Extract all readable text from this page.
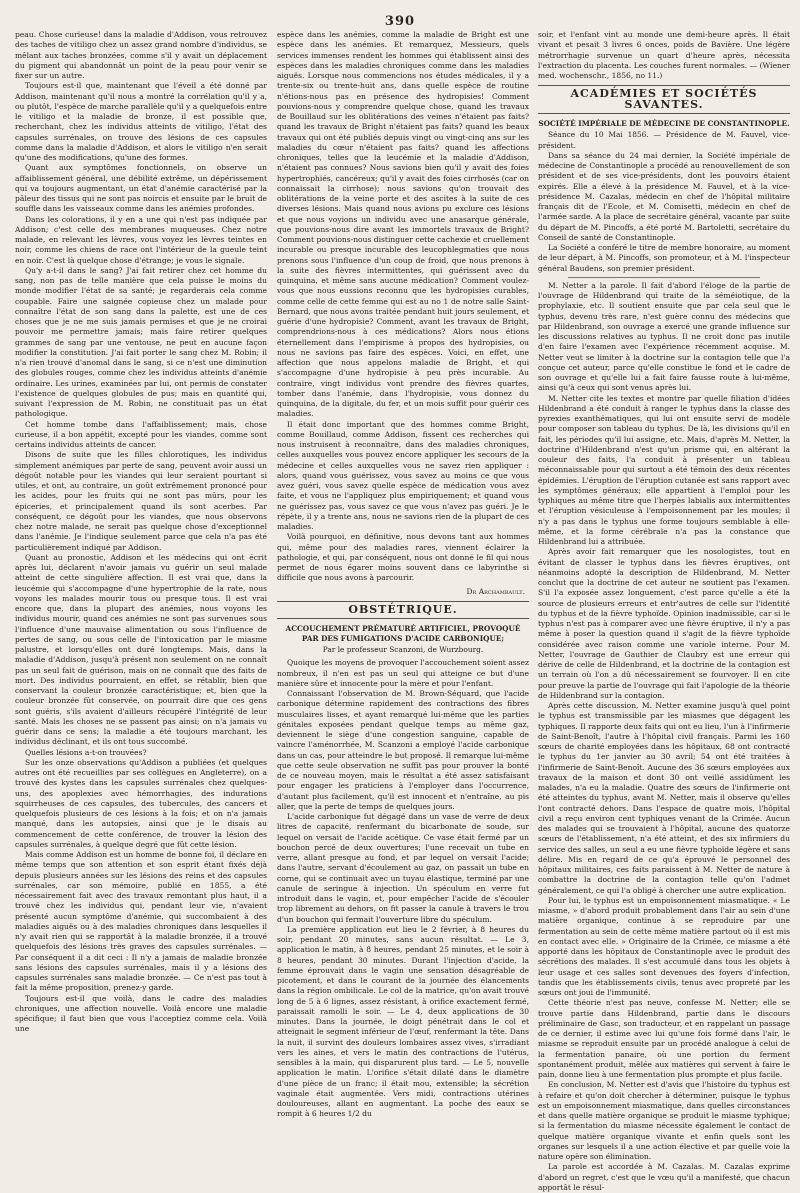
390

peau. Chose curieuse! dans la maladie d'Addison, vous retrouvez des taches de vitiligo chez un assez grand nombre d'individus, se mêlant aux taches bronzées, comme s'il y avait un déplacement du pigment qui abandonnât un point de la peau pour venir se fixer sur un autre.

Toujours est-il que, maintenant que l'éveil a été donné par Addison, maintenant qu'il nous a montré la corrélation qu'il y a, ou plutôt, l'espèce de marche parallèle qu'il y a quelquefois entre le vitiligo et la maladie de bronze, il est possible que, recherchant, chez les individus atteints de vitiligo, l'état des capsules surrénales, on trouve des lésions de ces capsules comme dans la maladie d'Addison, et alors le vitiligo n'en serait qu'une des modifications, qu'une des formes.

Quant aux symptômes fonctionnels, on observe un affaiblissement général, une débilité extrême, un dépérissement qui va toujours augmentant, un état d'anémie caractérisé par la pâleur des tissus qui ne sont pas noircis et ensuite par le bruit de souffle dans les vaisseaux comme dans les anémies profondes.

Dans les colorations, il y en a une qui n'est pas indiquée par Addison; c'est celle des membranes muqueuses. Chez notre malade, en relevant les lèvres, vous voyez les lèvres teintes en noir, comme les chiens de race ont l'intérieur de la gueule teint en noir. C'est là quelque chose d'étrange; je vous le signale.

Qu'y a-t-il dans le sang? J'ai fait retirer chez cet homme du sang, non pas de telle manière que cela puisse le moins du monde modifier l'état de sa santé; je regarderais cela comme coupable. Faire une saignée copieuse chez un malade pour connaître l'état de son sang dans la palette, est une de ces choses que je ne me suis jamais permises et que je ne croirai pouvoir me permettre jamais; mais faire retirer quelques grammes de sang par une ventouse, ne peut en aucune façon modifier la constitution. J'ai fait porter le sang chez M. Robin; il n'a rien trouvé d'anomal dans le sang, si ce n'est une diminution des globules rouges, comme chez les individus atteints d'anémie ordinaire. Les urines, examinées par lui, ont permis de constater l'existence de quelques globules de pus; mais en quantité qui, suivant l'expression de M. Robin, ne constituait pas un état pathologique.

Cet homme tombe dans l'affaiblissement; mais, chose curieuse, il a bon appétit, excepté pour les viandes, comme sont certains individus atteints de cancer.

Disons de suite que les filles chlorotiques, les individus simplement anémiques par perte de sang, peuvent avoir aussi un dégoût notable pour les viandes qui leur seraient pourtant si utiles, et ont, au contraire, un goût extrêmement prononcé pour les acides, pour les fruits qui ne sont pas mûrs, pour les épiceries, et principalement quand ils sont acerbes. Par conséquent, ce dégoût pour les viandes, que nous observons chez notre malade, ne serait pas quelque chose d'exceptionnel dans l'anémie. Je l'indique seulement parce que cela n'a pas été particulièrement indiqué par Addison.

Quant au pronostic, Addison et les médecins qui ont écrit après lui, déclarent n'avoir jamais vu guérir un seul malade atteint de cette singulière affection. Il est vrai que, dans la leucémie qui s'accompagne d'une hypertrophie de la rate, nous voyons les malades mourir tous ou presque tous. Il est vrai encore que, dans la plupart des anémies, nous voyons les individus mourir, quand ces anémies ne sont pas survenues sous l'influence d'une mauvaise alimentation ou sous l'influence de pertes de sang, ou sous celle de l'intoxication par le miasme palustre, et lorsqu'elles ont duré longtemps. Mais, dans la maladie d'Addison, jusqu'à présent non seulement on ne connaît pas un seul fait de guérison, mais on ne connaît que des faits de mort. Des individus pourraient, en effet, se rétablir, bien que conservant la couleur bronzée caractéristique; et, bien que la couleur bronzée fût conservée, on pourrait dire que ces gens sont guéris, s'ils avaient d'ailleurs récupéré l'intégrité de leur santé. Mais les choses ne se passent pas ainsi; on n'a jamais vu guérir dans ce sens; la maladie a été toujours marchant, les individus déclinant, et ils ont tous succombé.

Quelles lésions a-t-on trouvées?

Sur les onze observations qu'Addison a publiées (et quelques autres ont été recueillies par ses collègues en Angleterre), on a trouvé des kystes dans les capsules surrénales chez quelques-uns, des apoplexies avec hémorrhagies, des indurations squirrheuses de ces capsules, des tubercules, des cancers et quelquefois plusieurs de ces lésions à la fois; et on n'a jamais manqué, dans les autopsies, ainsi que je le disais au commencement de cette conférence, de trouver la lésion des capsules surrénales, à quelque degré que fût cette lésion.

Mais comme Addison est un homme de bonne foi, il déclare en même temps que son attention et son esprit étant fixés déjà depuis plusieurs années sur les lésions des reins et des capsules surrénales, car son mémoire, publié en 1855, a été nécessairement fait avec des travaux remontant plus haut, il a trouvé chez les individus qui, pendant leur vie, n'avaient présenté aucun symptôme d'anémie, qui succombaient à des maladies aiguës ou à des maladies chroniques dans lesquelles il n'y avait rien qui se rapportât à la maladie bronzée, il a trouvé quelquefois des lésions très graves des capsules surrénales. — Par conséquent il a dit ceci : Il n'y a jamais de maladie bronzée sans lésions des capsules surrénales, mais il y a lésions des capsules surrénales sans maladie bronzée. — Ce n'est pas tout à fait la même proposition, prenez-y garde.

Toujours est-il que voilà, dans le cadre des maladies chroniques, une affection nouvelle. Voilà encore une maladie spécifique; il faut bien que vous l'acceptiez comme cela. Voilà une

espèce dans les anémies, comme la maladie de Bright est une espèce dans les anémies. Et remarquez, Messieurs, quels services immenses rendent les hommes qui établissent ainsi des espèces dans les maladies chroniques comme dans les maladies aiguës. Lorsque nous commencions nos études médicales, il y a trente-six ou trente-huit ans, dans quelle espèce de routine n'étions-nous pas en présence des hydropisies! Comment pouvions-nous y comprendre quelque chose, quand les travaux de Bouillaud sur les oblitérations des veines n'étaient pas faits? quand les travaux de Bright n'étaient pas faits? quand les beaux travaux qui ont été publiés depuis vingt ou vingt-cinq ans sur les maladies du cœur n'étaient pas faits? quand les affections chroniques, telles que la leucémie et la maladie d'Addison, n'étaient pas connues? Nous savions bien qu'il y avait des foies hypertrophiés, cancéreux; qu'il y avait des foies cirrhosés (car on connaissait la cirrhose); nous savions qu'on trouvait des oblitérations de la veine porte et des ascites à la suite de ces diverses lésions. Mais quand nous avions pu exclure ces lésions et que nous voyions un individu avec une anasarque générale, que pouvions-nous dire avant les immortels travaux de Bright? Comment pouvions-nous distinguer cette cachexie et cruellement incurable ou presque incurable des leucophlegmaties que nous prenons sous l'influence d'un coup de froid, que nous prenons à la suite des fièvres intermittentes, qui guérissent avec du quinquina, et même sans aucune médication? Comment voulez-vous que nous eussions reconnu que les hydropisies curables, comme celle de cette femme qui est au no 1 de notre salle Saint-Bernard, que nous avons traitée pendant huit jours seulement, et guérie d'une hydropisie? Comment, avant les travaux de Bright, comprendrions-nous à ces médications? Alors nous étions éternellement dans l'empirisme à propos des hydropisies, ou nous ne savions pas faire des espèces. Voici, en effet, une affection que nous appelons maladie de Bright, et qui s'accompagne d'une hydropisie à peu près incurable. Au contraire, vingt individus vont prendre des fièvres quartes, tomber dans l'anémie, dans l'hydropisie, vous donnez du quinquina, de la digitale, du fer, et un mois suffit pour guérir ces maladies.

Il était donc important que des hommes comme Bright, comme Bouillaud, comme Addison, fissent ces recherches qui nous instruisent à reconnaître, dans des maladies chroniques, celles auxquelles vous pouvez encore appliquer les secours de la médecine et celles auxquelles vous ne savez rien appliquer : alors, quand vous guérissez, vous savez au moins ce que vous avez guéri, vous savez quelle espèce de médication vous avez faite, et vous ne l'appliquez plus empiriquement; et quand vous ne guérissez pas, vous savez ce que vous n'avez pas guéri. Je le répète, il y a trente ans, nous ne savions rien de la plupart de ces maladies.

Voilà pourquoi, en définitive, nous devons tant aux hommes qui, même pour des maladies rares, viennent éclairer la pathologie, et qui, par conséquent, nous ont donné le fil qui nous permet de nous égarer moins souvent dans ce labyrinthe si difficile que nous avons à parcourir.

Dr Archambault.
OBSTÉTRIQUE.
ACCOUCHEMENT PRÉMATURÉ ARTIFICIEL, PROVOQUÉ PAR DES FUMIGATIONS D'ACIDE CARBONIQUE;
Par le professeur Scanzoni, de Wurzbourg.

Quoique les moyens de provoquer l'accouchement soient assez nombreux, il n'en est pas un seul qui atteigne ce but d'une manière sûre et innocente pour la mère et pour l'enfant.

Connaissant l'observation de M. Brown-Séquard, que l'acide carbonique détermine rapidement des contractions des fibres musculaires lisses, et ayant remarqué lui-même que les parties génitales exposées pendant quelque temps au même gaz, deviennent le siège d'une congestion sanguine, capable de vaincre l'aménorrhée, M. Scanzoni a employé l'acide carbonique dans un cas, pour atteindre le but proposé. Il remarque lui-même que cette seule observation ne suffit pas pour prouver la bonté de ce nouveau moyen, mais le résultat a été assez satisfaisant pour engager les praticiens à l'employer dans l'occurrence, d'autant plus facilement, qu'il est innocent et n'entraîne, au pis aller, que la perte de temps de quelques jours.

L'acide carbonique fut dégagé dans un vase de verre de deux litres de capacité, renfermant du bicarbonate de soude, sur lequel on versait de l'acide acétique. Ce vase était fermé par un bouchon percé de deux ouvertures; l'une recevait un tube en verre, allant presque au fond, et par lequel on versait l'acide; dans l'autre, servant d'écoulement au gaz, on passait un tube en corne, qui se continuait avec un tuyau élastique, terminé par une canule de seringue à injection. Un spéculum en verre fut introduit dans le vagin, et, pour empêcher l'acide de s'écouler trop librement au dehors, on fit passer la canule à travers le trou d'un bouchon qui fermait l'ouverture libre du spéculum.

La première application eut lieu le 2 février, à 8 heures du soir, pendant 20 minutes, sans aucun résultat. — Le 3, application le matin, à 8 heures, pendant 25 minutes, et le soir à 8 heures, pendant 30 minutes. Durant l'injection d'acide, la femme éprouvait dans le vagin une sensation désagréable de picotement, et dans le courant de la journée des élancements dans la région ombilicale. Le col de la matrice, qu'on avait trouvé long de 5 à 6 lignes, assez résistant, à orifice exactement fermé, paraissait ramolli le soir. — Le 4, deux applications de 30 minutes. Dans la journée, le doigt pénétrait dans le col et atteignait le segment inférieur de l'œuf, renfermant la tête. Dans la nuit, il survint des douleurs lombaires assez vives, s'irradiant vers les aines, et vers le matin des contractions de l'utérus, sensibles à la main, qui disparurent plus tard. — Le 5, nouvelle application le matin. L'orifice s'était dilaté dans le diamètre d'une pièce de un franc; il était mou, extensible; la sécrétion vaginale était augmentée. Vers midi, contractions utérines douloureuses, allant en augmentant. La poche des eaux se rompit à 6 heures 1/2 du

soir, et l'enfant vint au monde une demi-heure après. Il était vivant et pesait 3 livres 6 onces, poids de Bavière. Une légère métrorrhagie survenue un quart d'heure après, nécessita l'extraction du placenta. Les couches furent normales. — (Wiener med. wochenschr., 1856, no 11.)

ACADÉMIES ET SOCIÉTÉS SAVANTES.
SOCIÉTÉ IMPÉRIALE DE MÉDECINE DE CONSTANTINOPLE.

Séance du 10 Mai 1856. — Présidence de M. Fauvel, vice-président.

Dans sa séance du 24 mai dernier, la Société impériale de médecine de Constantinople a procédé au renouvellement de son président et de ses vice-présidents, dont les pouvoirs étaient expirés. Elle a élevé à la présidence M. Fauvel, et à la vice-présidence M. Cazalas, médecin en chef de l'hôpital militaire français dit de l'Ecole, et M. Comisetti, médecin en chef de l'armée sarde. A la place de secrétaire général, vacante par suite du départ de M. Pincoffs, a été porté M. Bartoletti, secrétaire du Conseil de santé de Constantinople.

La Société a conféré le titre de membre honoraire, au moment de leur départ, à M. Pincoffs, son promoteur, et à M. l'inspecteur général Baudens, son premier président.

M. Netter a la parole. Il fait d'abord l'éloge de la partie de l'ouvrage de Hildenbrand qui traite de la séméiotique, de la prophylaxie, etc. Il soutient ensuite que par cela seul que le typhus, devenu très rare, n'est guère connu des médecins que par Hildenbrand, son ouvrage a exercé une grande influence sur les discussions relatives au typhus. Il ne croit donc pas inutile d'en faire l'examen avec l'expérience récemment acquise. M. Netter veut se limiter à la doctrine sur la contagion telle que l'a conçue cet auteur, parce qu'elle constitue le fond et le cadre de son ouvrage et qu'elle lui a fait faire fausse route à lui-même, ainsi qu'à ceux qui sont venus après lui.

M. Netter cite les textes et montre par quelle filiation d'idées Hildenbrand a été conduit à ranger le typhus dans la classe des pyrexies exanthématiques, qui lui ont ensuite servi de modèle pour composer son tableau du typhus. De là, les divisions qu'il en fait, les périodes qu'il lui assigne, etc. Mais, d'après M. Netter, la doctrine d'Hildenbrand n'est qu'un prisme qui, en altérant la couleur des faits, l'a conduit à présenter un tableau méconnaissable pour qui surtout a été témoin des deux récentes épidémies. L'éruption de l'éruption cutanée est sans rapport avec les symptômes généraux; elle appartient à l'emploi pour les typhiques au même titre que l'herpès labialis aux intermittentes et l'éruption vésiculeuse à l'empoisonnement par les moules; il n'y a pas dans le typhus une forme toujours semblable à elle-même, et la forme cérébrale n'a pas la constance que Hildenbrand lui a attribuée.

Après avoir fait remarquer que les nosologistes, tout en évitant de classer le typhus dans les fièvres éruptives, ont néanmoins adopté la description de Hildenbrand, M. Netter conclut que la doctrine de cet auteur ne soutient pas l'examen. S'il l'a exposée assez longuement, c'est parce qu'elle a été la source de plusieurs erreurs et entr'autres de celle sur l'identité du typhus et de la fièvre typhoïde. Opinion inadmissible, car si le typhus n'est pas à comparer avec une fièvre éruptive, il n'y a pas même à poser la question quand il s'agit de la fièvre typhoïde considérée avec raison comme une variole interne. Pour M. Netter, l'ouvrage de Gauthier de Claubry est une erreur qui dérive de celle de Hildenbrand, et la doctrine de la contagion est un terrain où l'on a dû nécessairement se fourvoyer. Il en cite pour preuve la partie de l'ouvrage qui fait l'apologie de la théorie de Hildenbrand sur la contagion.

Après cette discussion, M. Netter examine jusqu'à quel point le typhus est transmissible par les miasmes que dégagent les typhiques. Il rapporte deux faits qui ont eu lieu, l'un à l'infirmerie de Saint-Benoît, l'autre à l'hôpital civil français. Parmi les 160 sœurs de charité employées dans les hôpitaux, 68 ont contracté le typhus du 1er janvier au 30 avril; 54 ont été traitées à l'infirmerie de Saint-Benoît. Aucune des 36 sœurs employées aux travaux de la maison et dont 30 ont veillé assidûment les malades, n'a eu la maladie. Quatre des sœurs de l'infirmerie ont été atteintes du typhus, avant M. Netter, mais il observe qu'elles l'ont contracté dehors. Dans l'espace de quatre mois, l'hôpital civil a reçu environ cent typhiques venant de la Crimée. Aucun des malades qui se trouvaient à l'hôpital, aucune des quatorze sœurs de l'établissement, n'a été atteint, et des six infirmiers du service des salles, un seul a eu une fièvre typhoïde légère et sans délire. Mis en regard de ce qu'a éprouvé le personnel des hôpitaux militaires, ces faits paraissent à M. Netter de nature à combattre la doctrine de la contagion telle qu'on l'admet généralement, ce qui l'a obligé à chercher une autre explication.

Pour lui, le typhus est un empoisonnement miasmatique. « Le miasme, » d'abord produit probablement dans l'air au sein d'une matière organique, continue à se reproduire par une fermentation au sein de cette même matière partout où il est mis en contact avec elle. » Originaire de la Crimée, ce miasme a été apporté dans les hôpitaux de Constantinople avec le produit des sécrétions des malades. Il s'est accumulé dans tous les objets à leur usage et ces salles sont devenues des foyers d'infection, tandis que les établissements civils, tenus avec propreté par les sœurs ont joui de l'immunité.

Cette théorie n'est pas neuve, confesse M. Netter; elle se trouve partie dans Hildenbrand, partie dans le discours préliminaire de Gasc, son traducteur, et en rappelant un passage de ce dernier, il estime avec lui qu'une fois formé dans l'air, le miasme se reproduit ensuite par un procédé analogue à celui de la fermentation panaire, où une portion du ferment spontanément produit, mêlée aux matières qui servent à faire le pain, donne lieu à une fermentation plus prompte et plus facile.

En conclusion, M. Netter est d'avis que l'histoire du typhus est à refaire et qu'on doit chercher à déterminer, puisque le typhus est un empoisonnement miasmatique, dans quelles circonstances et dans quelle matière organique se produit le miasme typhique; si la fermentation du miasme nécessite également le contact de quelque matière organique vivante et enfin quels sont les organes sur lesquels il a une action élective et par quelle voie la nature opère son élimination.

La parole est accordée à M. Cazalas. M. Cazalas exprime d'abord un regret, c'est que le vœu qu'il a manifesté, que chacun apportât le résul-
